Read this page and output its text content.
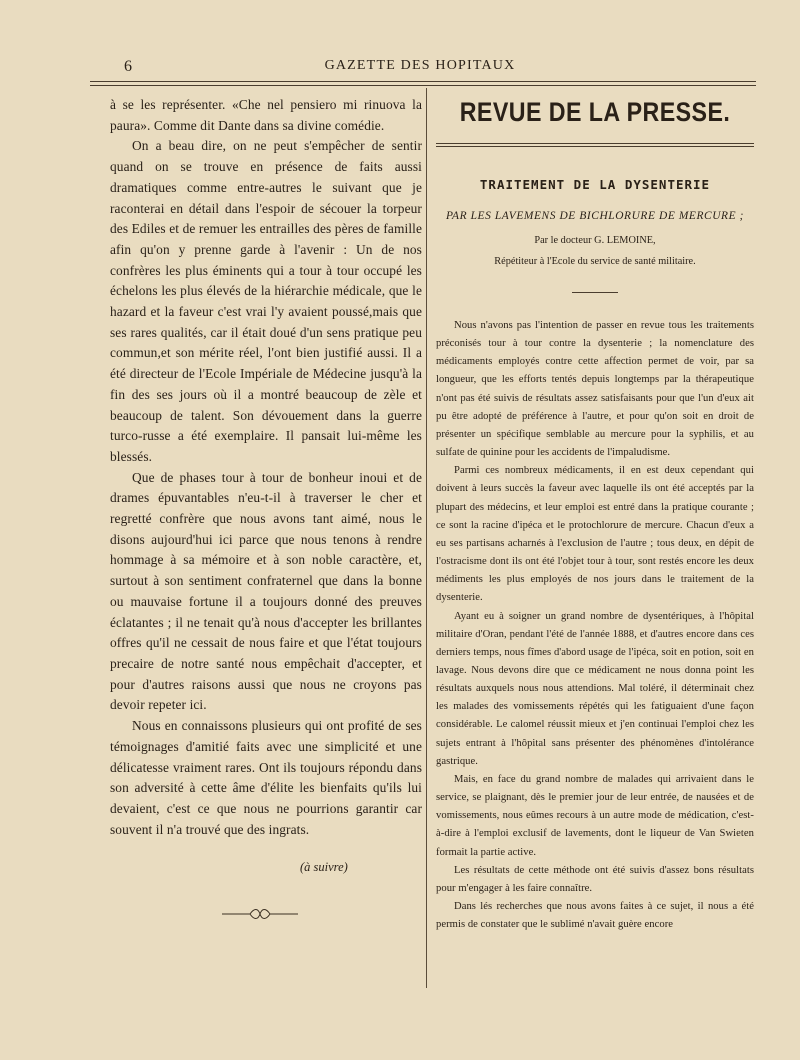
6	GAZETTE DES HOPITAUX

à se les représenter. «Che nel pensiero mi rinuova la paura». Comme dit Dante dans sa divine comédie.

On a beau dire, on ne peut s'empêcher de sentir quand on se trouve en présence de faits aussi dramatiques comme entre-autres le suivant que je raconterai en détail dans l'espoir de sécouer la torpeur des Ediles et de remuer les entrailles des pères de famille afin qu'on y prenne garde à l'avenir : Un de nos confrères les plus éminents qui a tour à tour occupé les échelons les plus élevés de la hiérarchie médicale, que le hazard et la faveur c'est vrai l'y avaient poussé,mais que ses rares qualités, car il était doué d'un sens pratique peu commun,et son mérite réel, l'ont bien justifié aussi. Il a été directeur de l'Ecole Impériale de Médecine jusqu'à la fin des ses jours où il a montré beaucoup de zèle et beaucoup de talent. Son dévouement dans la guerre turco-russe a été exemplaire. Il pansait lui-même les blessés.

Que de phases tour à tour de bonheur inoui et de drames épuvantables n'eu-t-il à traverser le cher et regretté confrère que nous avons tant aimé, nous le disons aujourd'hui ici parce que nous tenons à rendre hommage à sa mémoire et à son noble caractère, et, surtout à son sentiment confraternel que dans la bonne ou mauvaise fortune il a toujours donné des preuves éclatantes ; il ne tenait qu'à nous d'accepter les brillantes offres qu'il ne cessait de nous faire et que l'état toujours precaire de notre santé nous empêchait d'accepter, et pour d'autres raisons aussi que nous ne croyons pas devoir repeter ici.

Nous en connaissons plusieurs qui ont profité de ses témoignages d'amitié faits avec une simplicité et une délicatesse vraiment rares. Ont ils toujours répondu dans son adversité à cette âme d'élite les bienfaits qu'ils lui devaient, c'est ce que nous ne pourrions garantir car souvent il n'a trouvé que des ingrats.

(à suivre)
REVUE DE LA PRESSE.
TRAITEMENT DE LA DYSENTERIE
PAR LES LAVEMENS DE BICHLORURE DE MERCURE ;
Par le docteur G. LEMOINE,
Répétiteur à l'Ecole du service de santé militaire.

Nous n'avons pas l'intention de passer en revue tous les traitements préconisés tour à tour contre la dysenterie ; la nomenclature des médicaments employés contre cette affection permet de voir, par sa longueur, que les efforts tentés depuis longtemps par la thérapeutique n'ont pas été suivis de résultats assez satisfaisants pour que l'un d'eux ait pu être adopté de préférence à l'autre, et pour qu'on soit en droit de présenter un spécifique semblable au mercure pour la syphilis, et au sulfate de quinine pour les accidents de l'impaludisme.

Parmi ces nombreux médicaments, il en est deux cependant qui doivent à leurs succès la faveur avec laquelle ils ont été acceptés par la plupart des médecins, et leur emploi est entré dans la pratique courante ; ce sont la racine d'ipéca et le protochlorure de mercure. Chacun d'eux a eu ses partisans acharnés à l'exclusion de l'autre ; tous deux, en dépit de l'ostracisme dont ils ont été l'objet tour à tour, sont restés encore les deux médiments les plus employés de nos jours dans le traitement de la dysenterie.

Ayant eu à soigner un grand nombre de dysentériques, à l'hôpital militaire d'Oran, pendant l'été de l'année 1888, et d'autres encore dans ces derniers temps, nous fîmes d'abord usage de l'ipéca, soit en potion, soit en lavage. Nous devons dire que ce médicament ne nous donna point les résultats auxquels nous nous attendions. Mal toléré, il déterminait chez les malades des vomissements répétés qui les fatiguaient d'une façon considérable. Le calomel réussit mieux et j'en continuai l'emploi chez les sujets entrant à l'hôpital sans présenter des phénomènes d'intolérance gastrique.

Mais, en face du grand nombre de malades qui arrivaient dans le service, se plaignant, dès le premier jour de leur entrée, de nausées et de vomissements, nous eûmes recours à un autre mode de médication, c'est-à-dire à l'emploi exclusif de lavements, dont le liqueur de Van Swieten formait la partie active.

Les résultats de cette méthode ont été suivis d'assez bons résultats pour m'engager à les faire connaître.

Dans lés recherches que nous avons faites à ce sujet, il nous a été permis de constater que le sublimé n'avait guère encore
